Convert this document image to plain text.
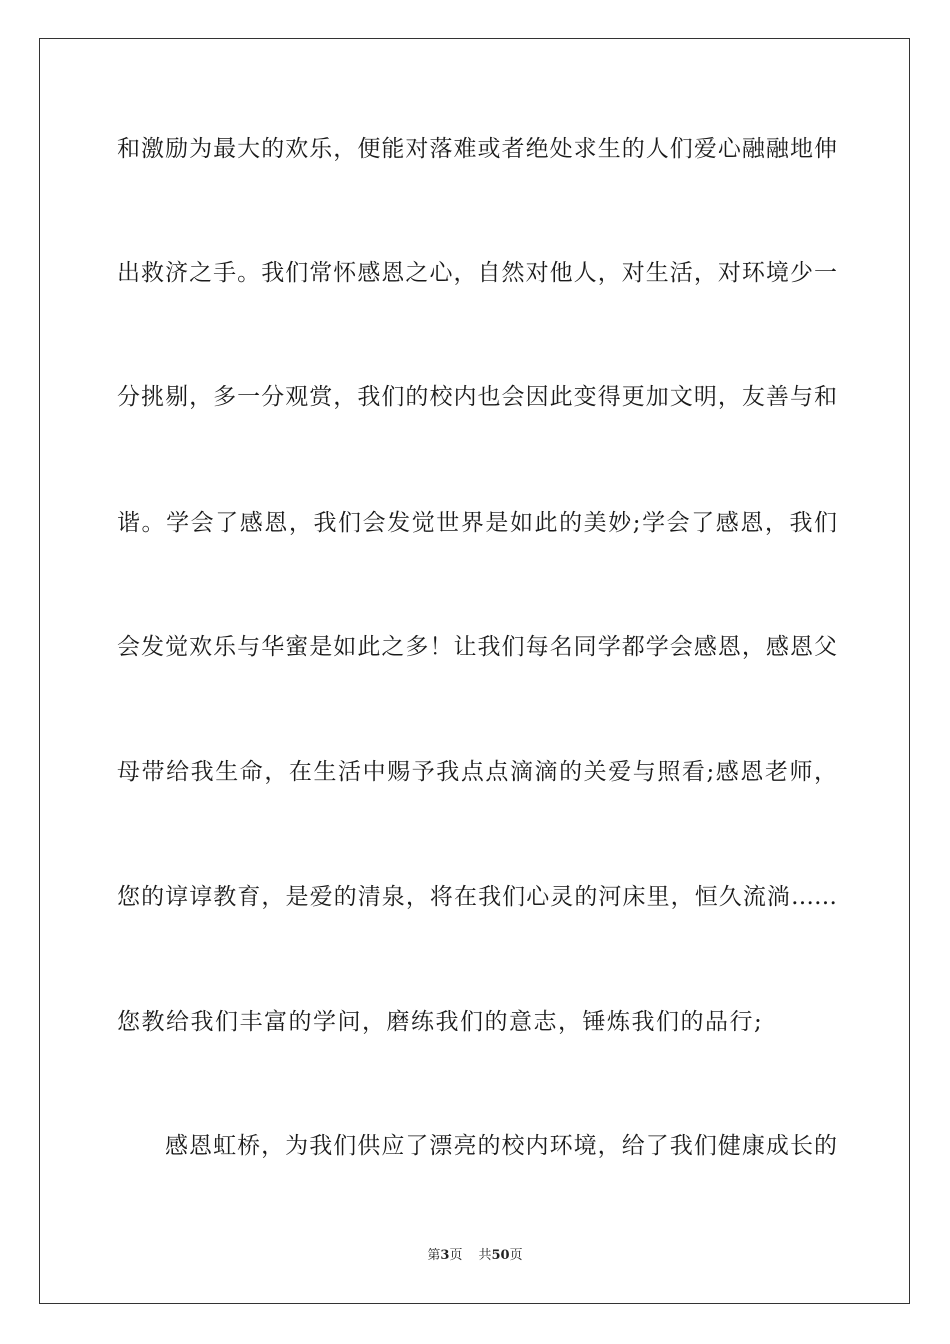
和激励为最大的欢乐，便能对落难或者绝处求生的人们爱心融融地伸
出救济之手。我们常怀感恩之心，自然对他人，对生活，对环境少一
分挑剔，多一分观赏，我们的校内也会因此变得更加文明，友善与和
谐。学会了感恩，我们会发觉世界是如此的美妙;学会了感恩，我们
会发觉欢乐与华蜜是如此之多！让我们每名同学都学会感恩，感恩父
母带给我生命，在生活中赐予我点点滴滴的关爱与照看;感恩老师，
您的谆谆教育，是爱的清泉，将在我们心灵的河床里，恒久流淌……
您教给我们丰富的学问，磨练我们的意志，锤炼我们的品行;
感恩虹桥，为我们供应了漂亮的校内环境，给了我们健康成长的
第3页 共50页
